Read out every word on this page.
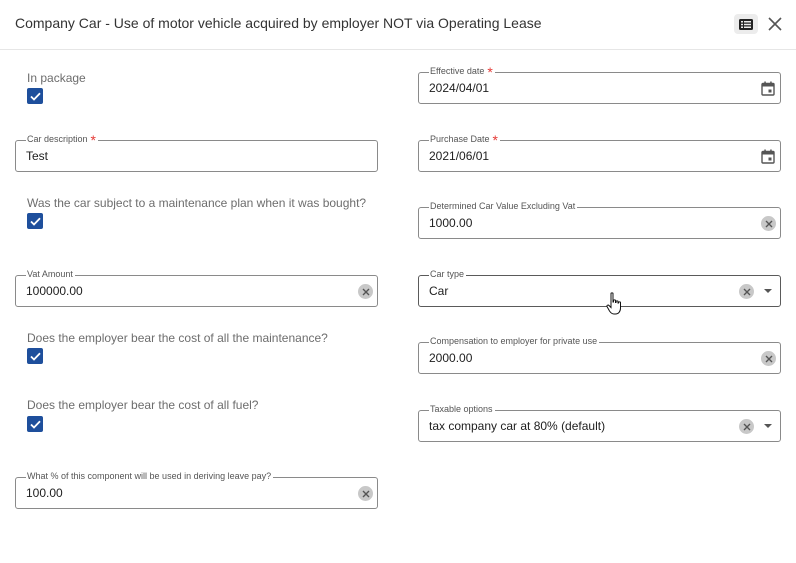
Company Car - Use of motor vehicle acquired by employer NOT via Operating Lease
In package
Car description *
Test
Was the car subject to a maintenance plan when it was bought?
Vat Amount
100000.00
Does the employer bear the cost of all the maintenance?
Does the employer bear the cost of all fuel?
What % of this component will be used in deriving leave pay?
100.00
Effective date *
2024/04/01
Purchase Date *
2021/06/01
Determined Car Value Excluding Vat
1000.00
Car type
Car
Compensation to employer for private use
2000.00
Taxable options
tax company car at 80% (default)
